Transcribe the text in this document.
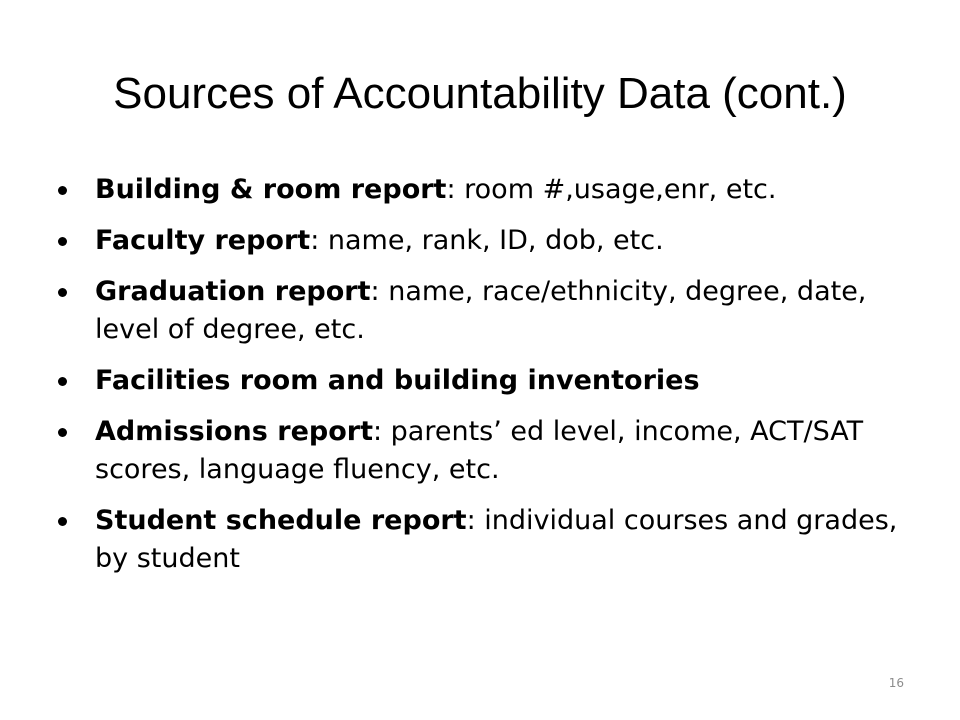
Sources of Accountability Data (cont.)
Building & room report: room #,usage,enr, etc.
Faculty report: name, rank, ID, dob, etc.
Graduation report: name, race/ethnicity, degree, date, level of degree, etc.
Facilities room and building inventories
Admissions report: parents’ ed level, income, ACT/SAT scores, language fluency, etc.
Student schedule report: individual courses and grades, by student
16
